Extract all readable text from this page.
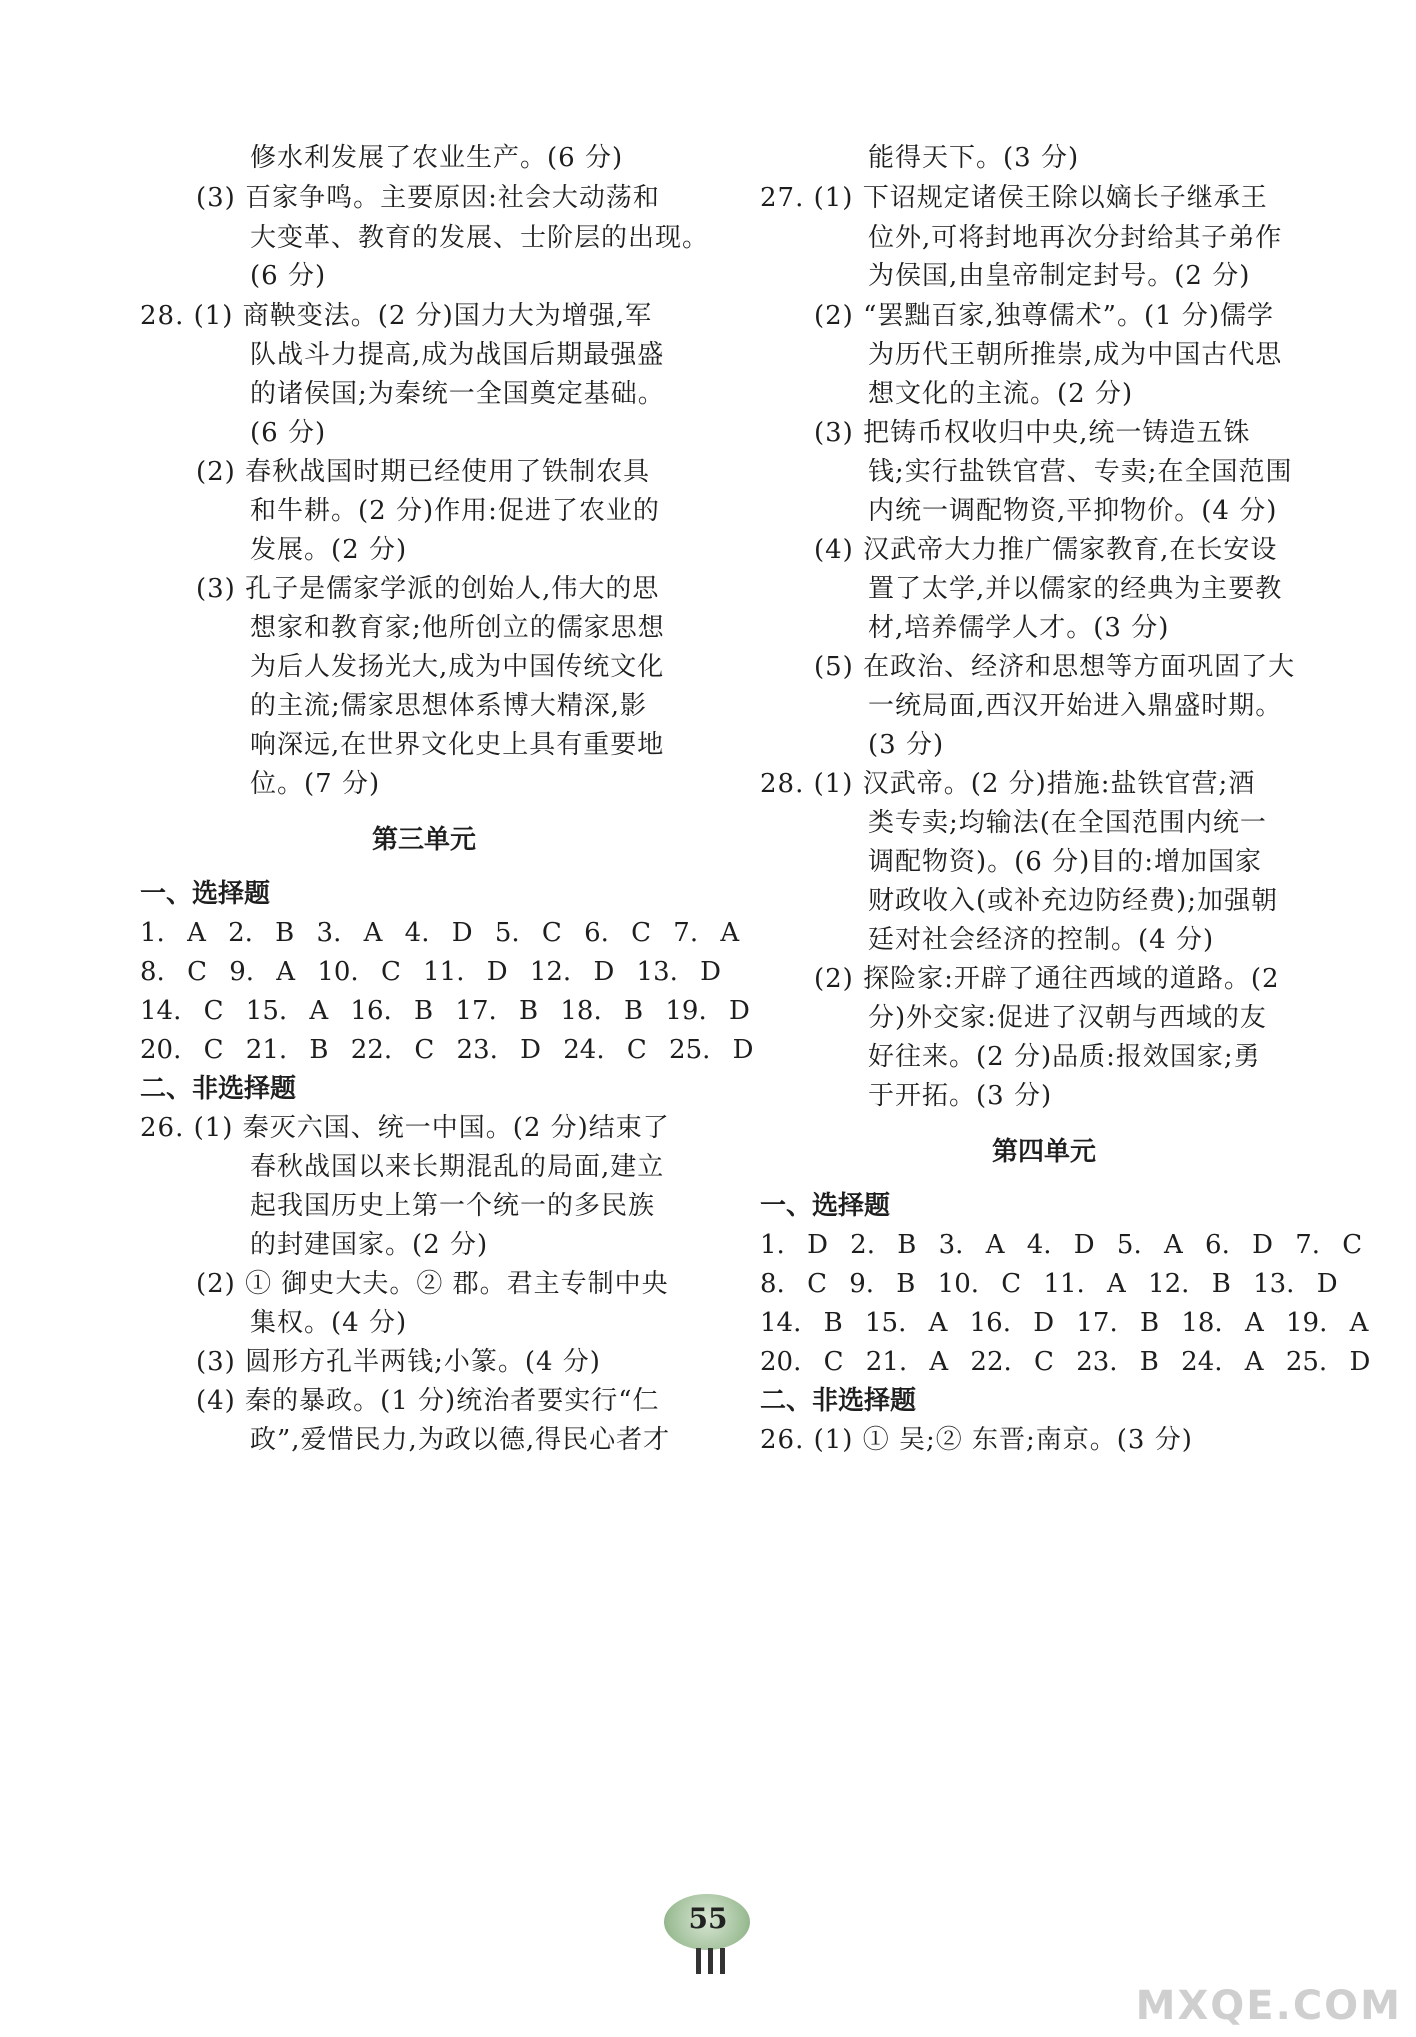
修水利发展了农业生产。(6 分)
(3) 百家争鸣。主要原因:社会大动荡和
大变革、教育的发展、士阶层的出现。
(6 分)
28. (1) 商鞅变法。(2 分)国力大为增强,军
队战斗力提高,成为战国后期最强盛
的诸侯国;为秦统一全国奠定基础。
(6 分)
(2) 春秋战国时期已经使用了铁制农具
和牛耕。(2 分)作用:促进了农业的
发展。(2 分)
(3) 孔子是儒家学派的创始人,伟大的思
想家和教育家;他所创立的儒家思想
为后人发扬光大,成为中国传统文化
的主流;儒家思想体系博大精深,影
响深远,在世界文化史上具有重要地
位。(7 分)
第三单元
一、选择题
1. A 2. B 3. A 4. D 5. C 6. C 7. A
8. C 9. A 10. C 11. D 12. D 13. D
14. C 15. A 16. B 17. B 18. B 19. D
20. C 21. B 22. C 23. D 24. C 25. D
二、非选择题
26. (1) 秦灭六国、统一中国。(2 分)结束了
春秋战国以来长期混乱的局面,建立
起我国历史上第一个统一的多民族
的封建国家。(2 分)
(2) ① 御史大夫。② 郡。君主专制中央
集权。(4 分)
(3) 圆形方孔半两钱;小篆。(4 分)
(4) 秦的暴政。(1 分)统治者要实行“仁
政”,爱惜民力,为政以德,得民心者才
能得天下。(3 分)
27. (1) 下诏规定诸侯王除以嫡长子继承王
位外,可将封地再次分封给其子弟作
为侯国,由皇帝制定封号。(2 分)
(2) “罢黜百家,独尊儒术”。(1 分)儒学
为历代王朝所推崇,成为中国古代思
想文化的主流。(2 分)
(3) 把铸币权收归中央,统一铸造五铢
钱;实行盐铁官营、专卖;在全国范围
内统一调配物资,平抑物价。(4 分)
(4) 汉武帝大力推广儒家教育,在长安设
置了太学,并以儒家的经典为主要教
材,培养儒学人才。(3 分)
(5) 在政治、经济和思想等方面巩固了大
一统局面,西汉开始进入鼎盛时期。
(3 分)
28. (1) 汉武帝。(2 分)措施:盐铁官营;酒
类专卖;均输法(在全国范围内统一
调配物资)。(6 分)目的:增加国家
财政收入(或补充边防经费);加强朝
廷对社会经济的控制。(4 分)
(2) 探险家:开辟了通往西域的道路。(2
分)外交家:促进了汉朝与西域的友
好往来。(2 分)品质:报效国家;勇
于开拓。(3 分)
第四单元
一、选择题
1. D 2. B 3. A 4. D 5. A 6. D 7. C
8. C 9. B 10. C 11. A 12. B 13. D
14. B 15. A 16. D 17. B 18. A 19. A
20. C 21. A 22. C 23. B 24. A 25. D
二、非选择题
26. (1) ① 吴;② 东晋;南京。(3 分)
55
MXQE.COM
